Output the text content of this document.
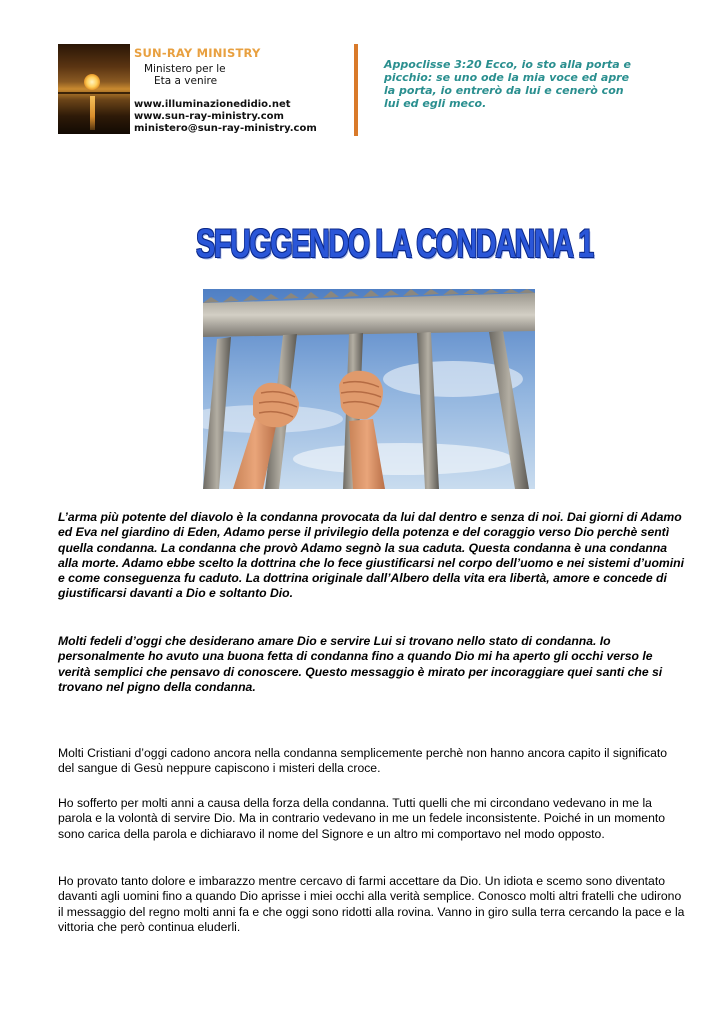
SUN-RAY MINISTRY
Ministero per le
Eta a venire
www.illuminazionedidio.net
www.sun-ray-ministry.com
ministero@sun-ray-ministry.com
Appoclisse 3:20 Ecco, io sto alla porta e picchio: se uno ode la mia voce ed apre la porta, io entrerò da lui e cenerò con lui ed egli meco.
SFUGGENDO LA CONDANNA 1

L’arma più potente del diavolo è la condanna provocata da lui dal dentro e senza di noi. Dai giorni di Adamo ed Eva nel giardino di Eden, Adamo perse il privilegio della potenza e del coraggio verso Dio perchè sentì quella condanna. La condanna che provò Adamo segnò la sua caduta. Questa condanna è una condanna alla morte. Adamo ebbe scelto la dottrina che lo fece giustificarsi nel corpo dell’uomo e nei sistemi d’uomini e come conseguenza fu caduto. La dottrina originale dall’Albero della vita era libertà, amore e concede di giustificarsi davanti a Dio e soltanto Dio.

Molti fedeli d’oggi che desiderano amare Dio e servire Lui si trovano nello stato di condanna. Io personalmente ho avuto una buona fetta di condanna fino a quando Dio mi ha aperto gli occhi verso le verità semplici che pensavo di conoscere. Questo messaggio è mirato per incoraggiare quei santi che si trovano nel pigno della condanna.

Molti Cristiani d’oggi cadono ancora nella condanna semplicemente perchè non hanno ancora capito il significato del sangue di Gesù neppure capiscono i misteri della croce.

Ho sofferto per molti anni a causa della forza della condanna. Tutti quelli che mi circondano vedevano in me la parola e la volontà di servire Dio. Ma in contrario vedevano in me un fedele inconsistente. Poiché in un momento sono carica della parola e dichiaravo il nome del Signore e un altro mi comportavo nel modo opposto.

Ho provato tanto dolore e imbarazzo mentre cercavo di farmi accettare da Dio. Un idiota e scemo sono diventato davanti agli uomini fino a quando Dio aprisse i miei occhi alla verità semplice. Conosco molti altri fratelli che udirono il messaggio del regno molti anni fa e che oggi sono ridotti alla rovina. Vanno in giro sulla terra cercando la pace e la vittoria che però continua eluderli.
